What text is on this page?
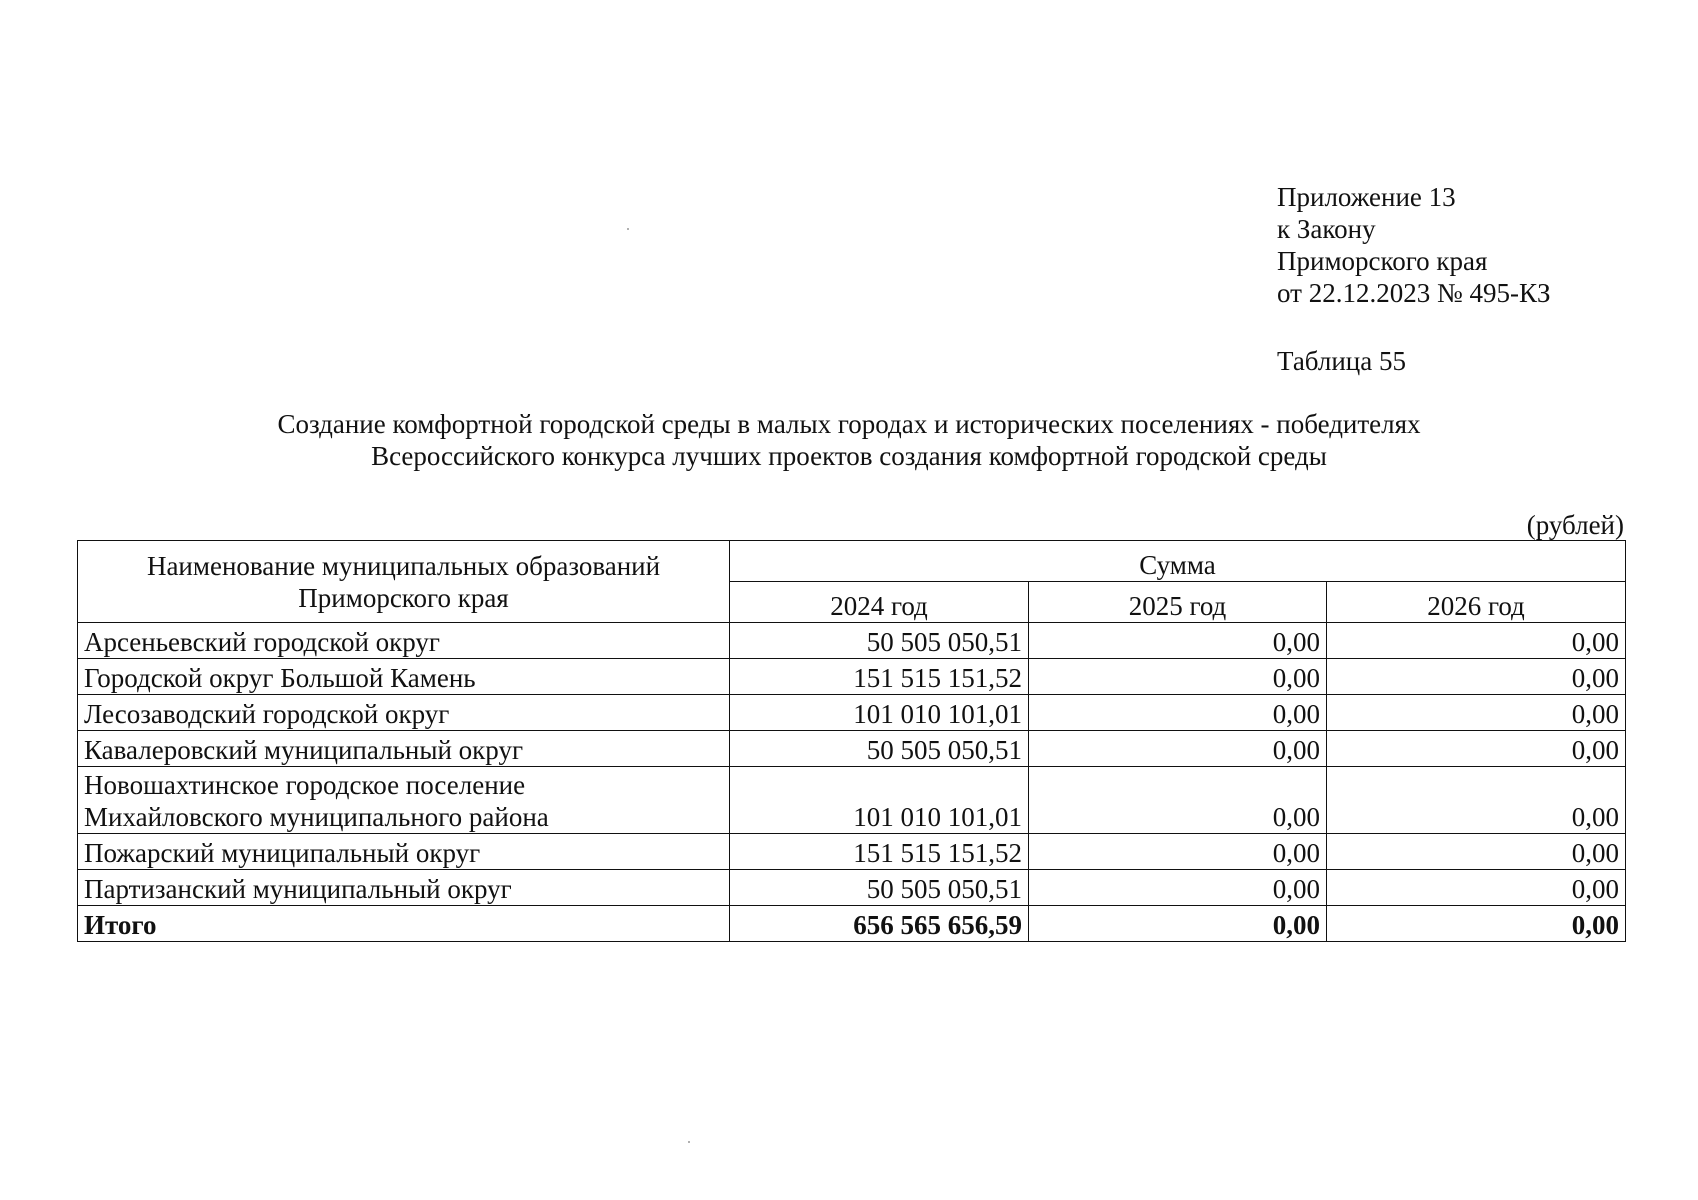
Приложение 13
к Закону
Приморского края
от 22.12.2023 № 495-КЗ
Таблица 55
Создание комфортной городской среды в малых городах и исторических поселениях - победителях
Всероссийского конкурса лучших проектов создания комфортной городской среды
(рублей)
Наименование муниципальных образований
Приморского края	Сумма		
	2024 год	2025 год	2026 год
Арсеньевский городской округ	50 505 050,51	0,00	0,00
Городской округ Большой Камень	151 515 151,52	0,00	0,00
Лесозаводский городской округ	101 010 101,01	0,00	0,00
Кавалеровский муниципальный округ	50 505 050,51	0,00	0,00

Новошахтинское городское поселение
Михайловского муниципального района	101 010 101,01	0,00	0,00
Пожарский муниципальный округ	151 515 151,52	0,00	0,00
Партизанский муниципальный округ	50 505 050,51	0,00	0,00
Итого	656 565 656,59	0,00	0,00
